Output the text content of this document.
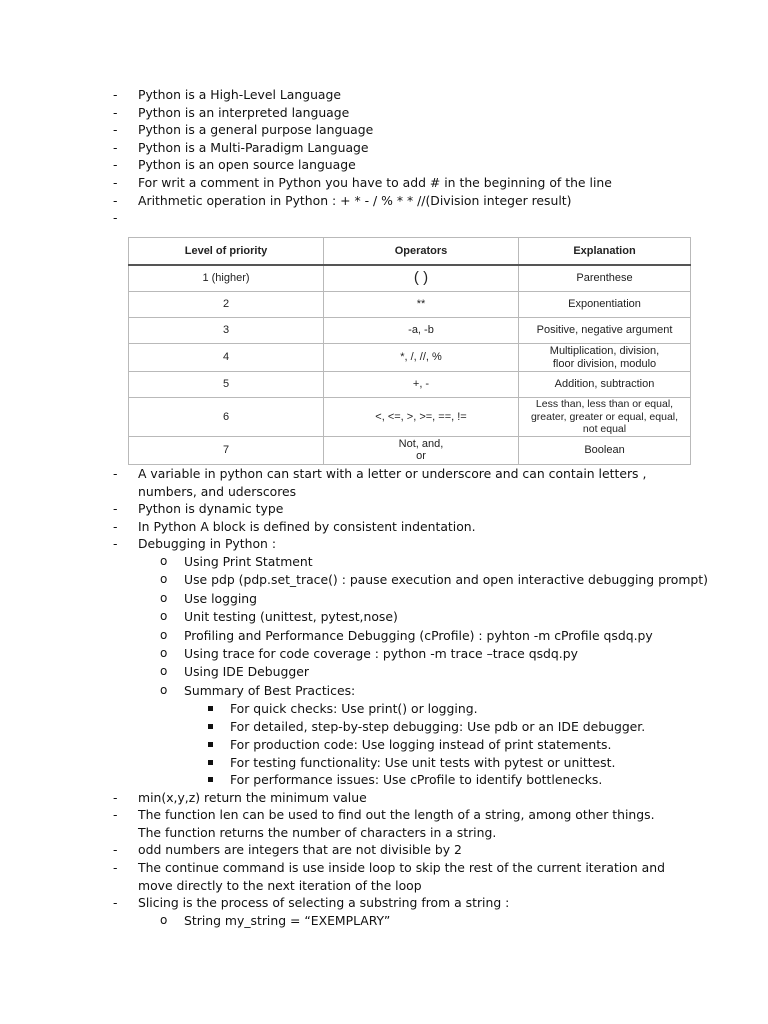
- Python is a High-Level Language
- Python is an interpreted language
- Python is a general purpose language
- Python is a Multi-Paradigm Language
- Python is an open source language
- For writ a comment in Python you have to add # in the beginning of the line
- Arithmetic operation in Python : + * - / % * * //(Division integer result)
-
Level of priority	Operators	Explanation
1 (higher)	( )	Parenthese
2	**	Exponentiation
3	-a, -b	Positive, negative argument
4	*, /, //, %	Multiplication, division, floor division, modulo
5	+, -	Addition, subtraction
6	<, <=, >, >=, ==, !=	Less than, less than or equal, greater, greater or equal, equal, not equal
7	Not, and, or	Boolean
- A variable in python can start with a letter or underscore and can contain letters , numbers, and uderscores
- Python is dynamic type
- In Python A block is defined by consistent indentation.
- Debugging in Python :
o Using Print Statment
o Use pdp (pdp.set_trace() : pause execution and open interactive debugging prompt)
o Use logging
o Unit testing (unittest, pytest,nose)
o Profiling and Performance Debugging (cProfile) : pyhton -m cProfile qsdq.py
o Using trace for code coverage : python -m trace –trace qsdq.py
o Using IDE Debugger
o Summary of Best Practices:
For quick checks: Use print() or logging.
For detailed, step-by-step debugging: Use pdb or an IDE debugger.
For production code: Use logging instead of print statements.
For testing functionality: Use unit tests with pytest or unittest.
For performance issues: Use cProfile to identify bottlenecks.
- min(x,y,z) return the minimum value
- The function len can be used to find out the length of a string, among other things. The function returns the number of characters in a string.
- odd numbers are integers that are not divisible by 2
- The continue command is use inside loop to skip the rest of the current iteration and move directly to the next iteration of the loop
- Slicing is the process of selecting a substring from a string :
o String my_string = “EXEMPLARY”
